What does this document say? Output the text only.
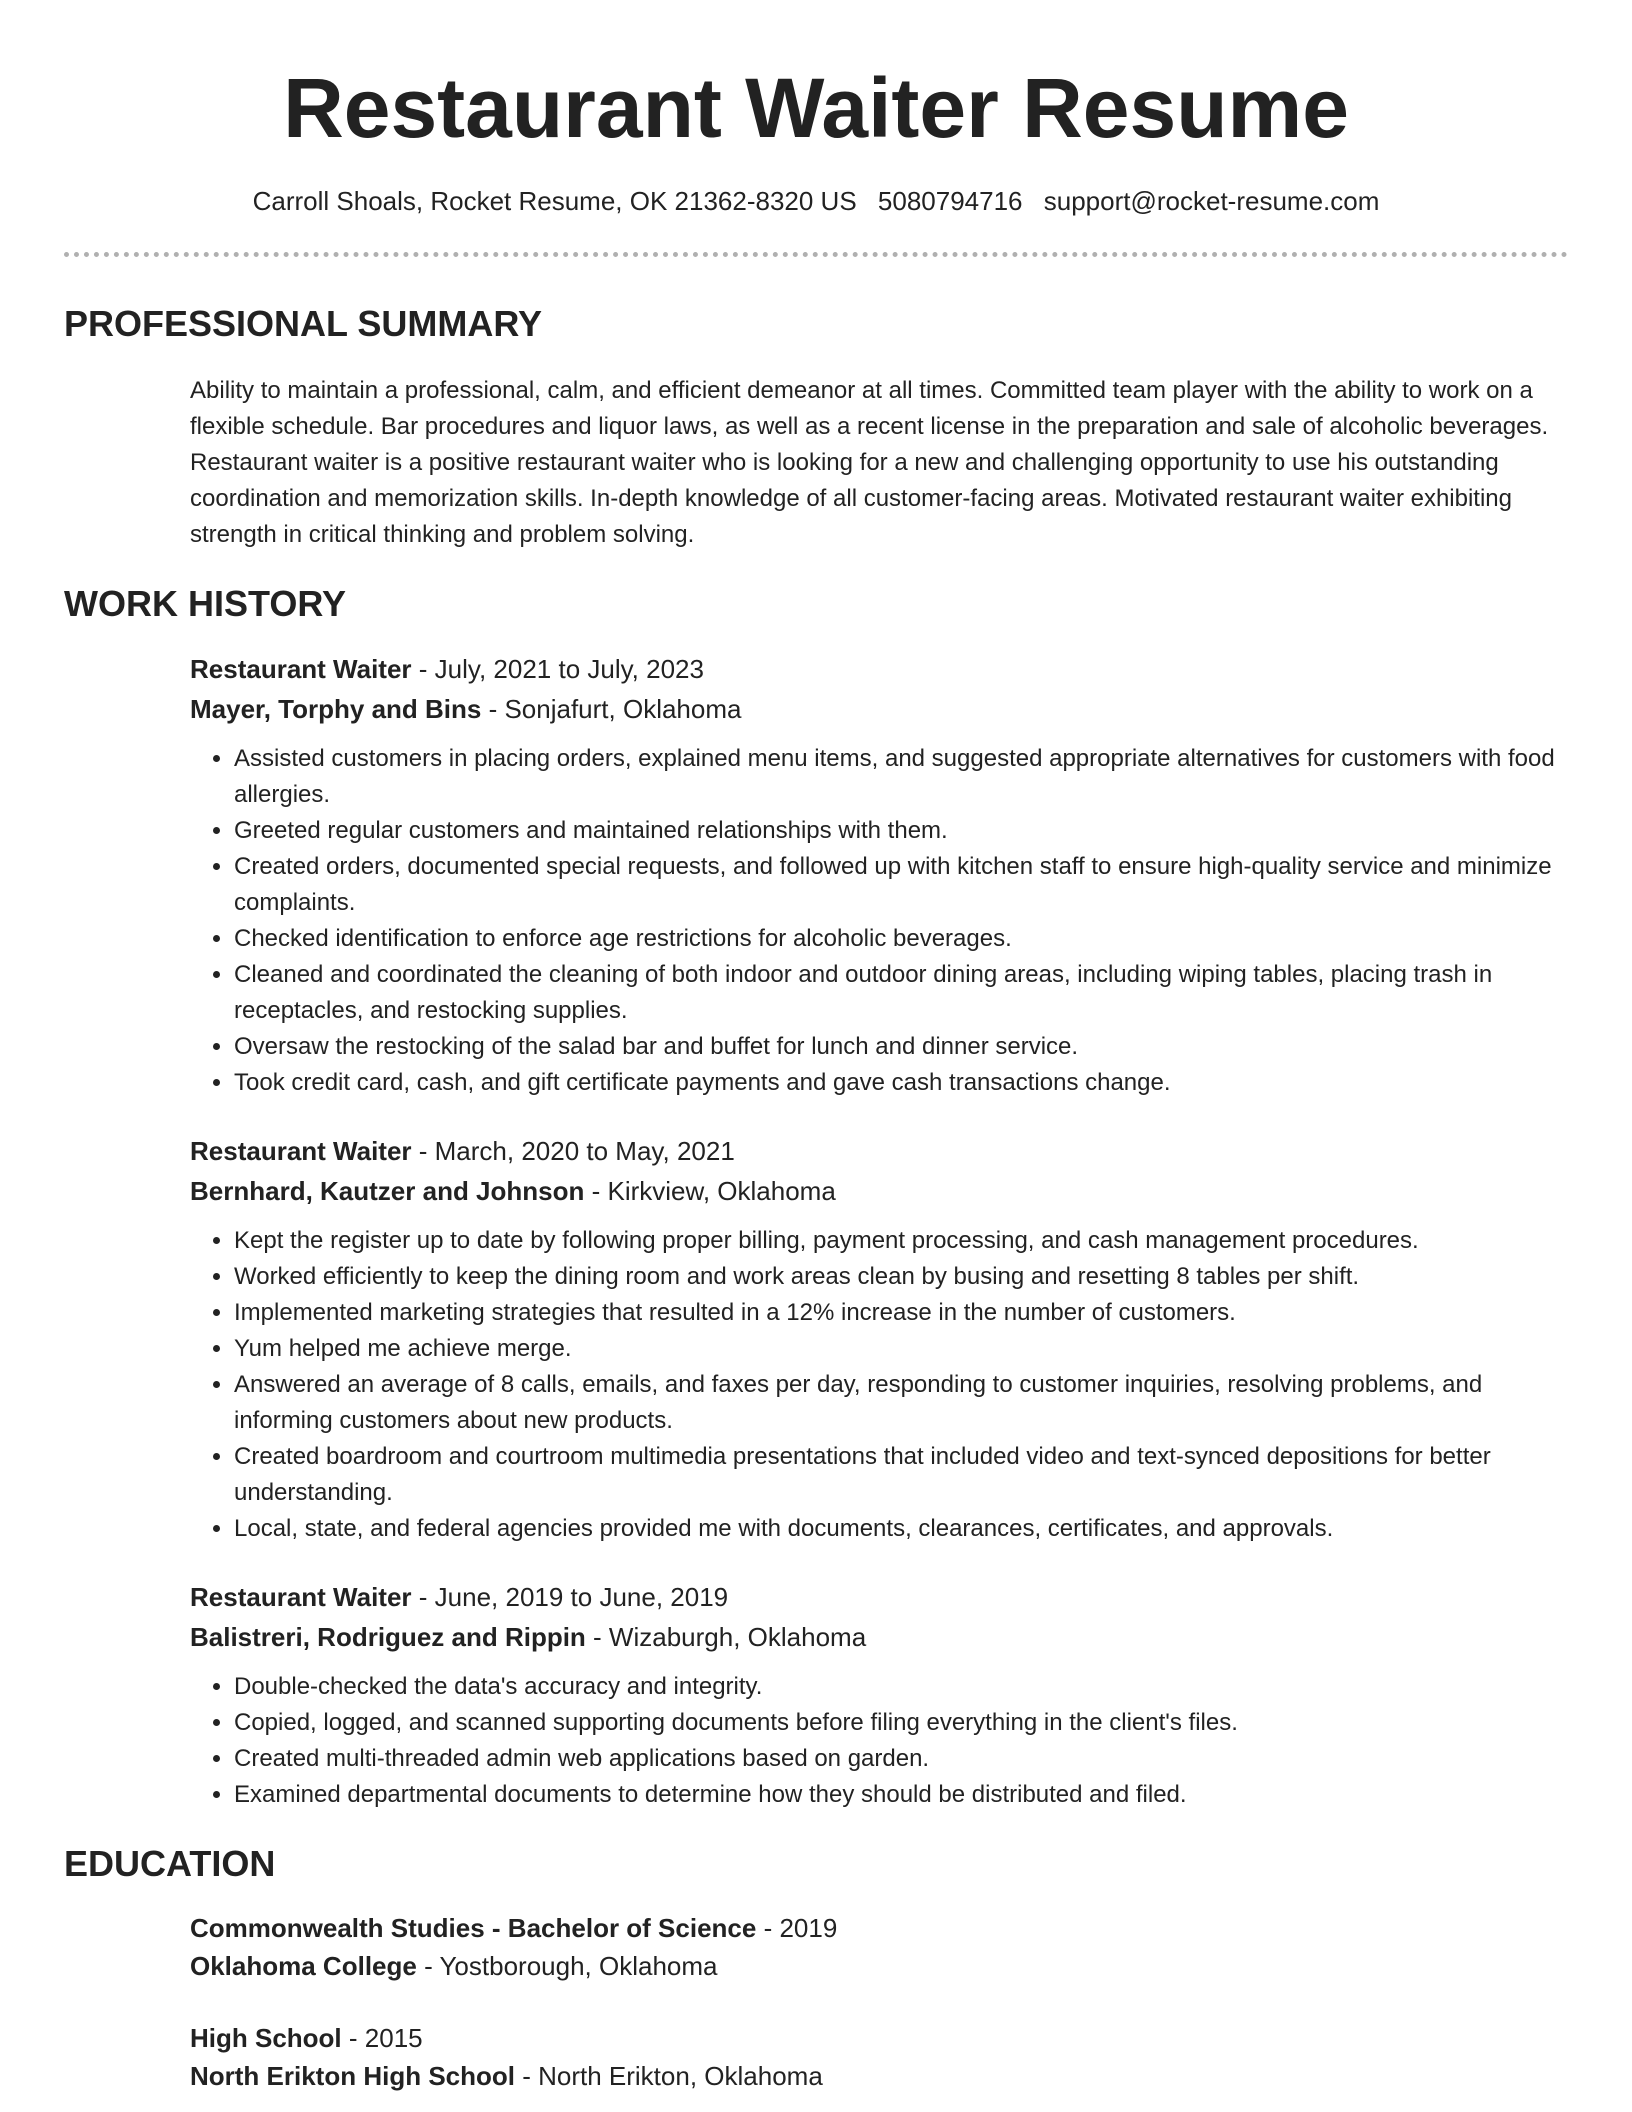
Restaurant Waiter Resume
Carroll Shoals, Rocket Resume, OK 21362-8320 US 5080794716 support@rocket-resume.com
PROFESSIONAL SUMMARY

Ability to maintain a professional, calm, and efficient demeanor at all times. Committed team player with the ability to work on a flexible schedule. Bar procedures and liquor laws, as well as a recent license in the preparation and sale of alcoholic beverages. Restaurant waiter is a positive restaurant waiter who is looking for a new and challenging opportunity to use his outstanding coordination and memorization skills. In-depth knowledge of all customer-facing areas. Motivated restaurant waiter exhibiting strength in critical thinking and problem solving.

WORK HISTORY
Restaurant Waiter - July, 2021 to July, 2023
Mayer, Torphy and Bins - Sonjafurt, Oklahoma
• Assisted customers in placing orders, explained menu items, and suggested appropriate alternatives for customers with food allergies.
• Greeted regular customers and maintained relationships with them.
• Created orders, documented special requests, and followed up with kitchen staff to ensure high-quality service and minimize complaints.
• Checked identification to enforce age restrictions for alcoholic beverages.
• Cleaned and coordinated the cleaning of both indoor and outdoor dining areas, including wiping tables, placing trash in receptacles, and restocking supplies.
• Oversaw the restocking of the salad bar and buffet for lunch and dinner service.
• Took credit card, cash, and gift certificate payments and gave cash transactions change.
Restaurant Waiter - March, 2020 to May, 2021
Bernhard, Kautzer and Johnson - Kirkview, Oklahoma
• Kept the register up to date by following proper billing, payment processing, and cash management procedures.
• Worked efficiently to keep the dining room and work areas clean by busing and resetting 8 tables per shift.
• Implemented marketing strategies that resulted in a 12% increase in the number of customers.
• Yum helped me achieve merge.
• Answered an average of 8 calls, emails, and faxes per day, responding to customer inquiries, resolving problems, and informing customers about new products.
• Created boardroom and courtroom multimedia presentations that included video and text-synced depositions for better understanding.
• Local, state, and federal agencies provided me with documents, clearances, certificates, and approvals.
Restaurant Waiter - June, 2019 to June, 2019
Balistreri, Rodriguez and Rippin - Wizaburgh, Oklahoma
• Double-checked the data's accuracy and integrity.
• Copied, logged, and scanned supporting documents before filing everything in the client's files.
• Created multi-threaded admin web applications based on garden.
• Examined departmental documents to determine how they should be distributed and filed.
EDUCATION
Commonwealth Studies - Bachelor of Science - 2019
Oklahoma College - Yostborough, Oklahoma
High School - 2015
North Erikton High School - North Erikton, Oklahoma
